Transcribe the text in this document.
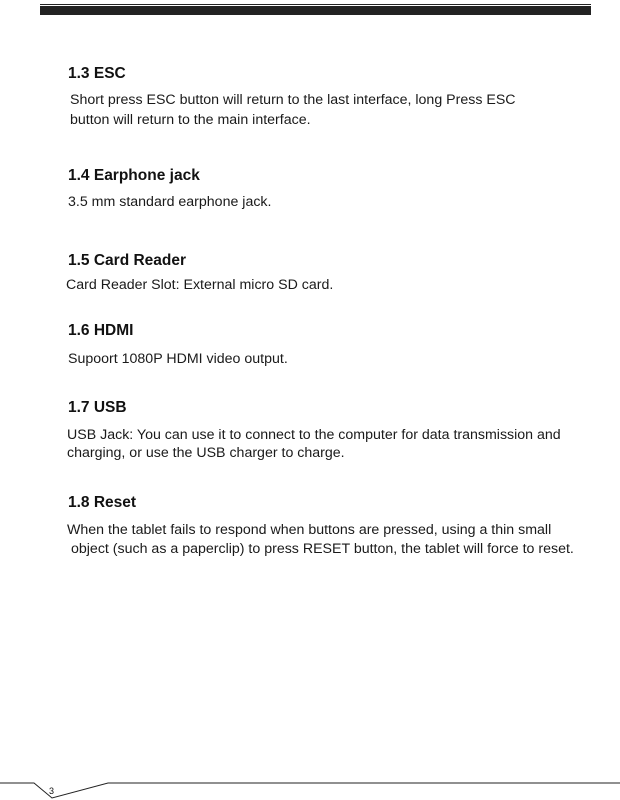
1.3 ESC

Short press ESC button will return to the last interface, long Press ESC

button will return to the main interface.

1.4 Earphone jack

3.5 mm standard earphone jack.

1.5 Card Reader

Card Reader Slot: External micro SD card.

1.6 HDMI

Supoort 1080P HDMI video output.

1.7 USB

USB Jack: You can use it to connect to the computer for data transmission and

charging, or use the USB charger to charge.

1.8 Reset

When the tablet fails to respond when buttons are pressed, using a thin small

object (such as a paperclip) to press RESET button, the tablet will force to reset.

3
